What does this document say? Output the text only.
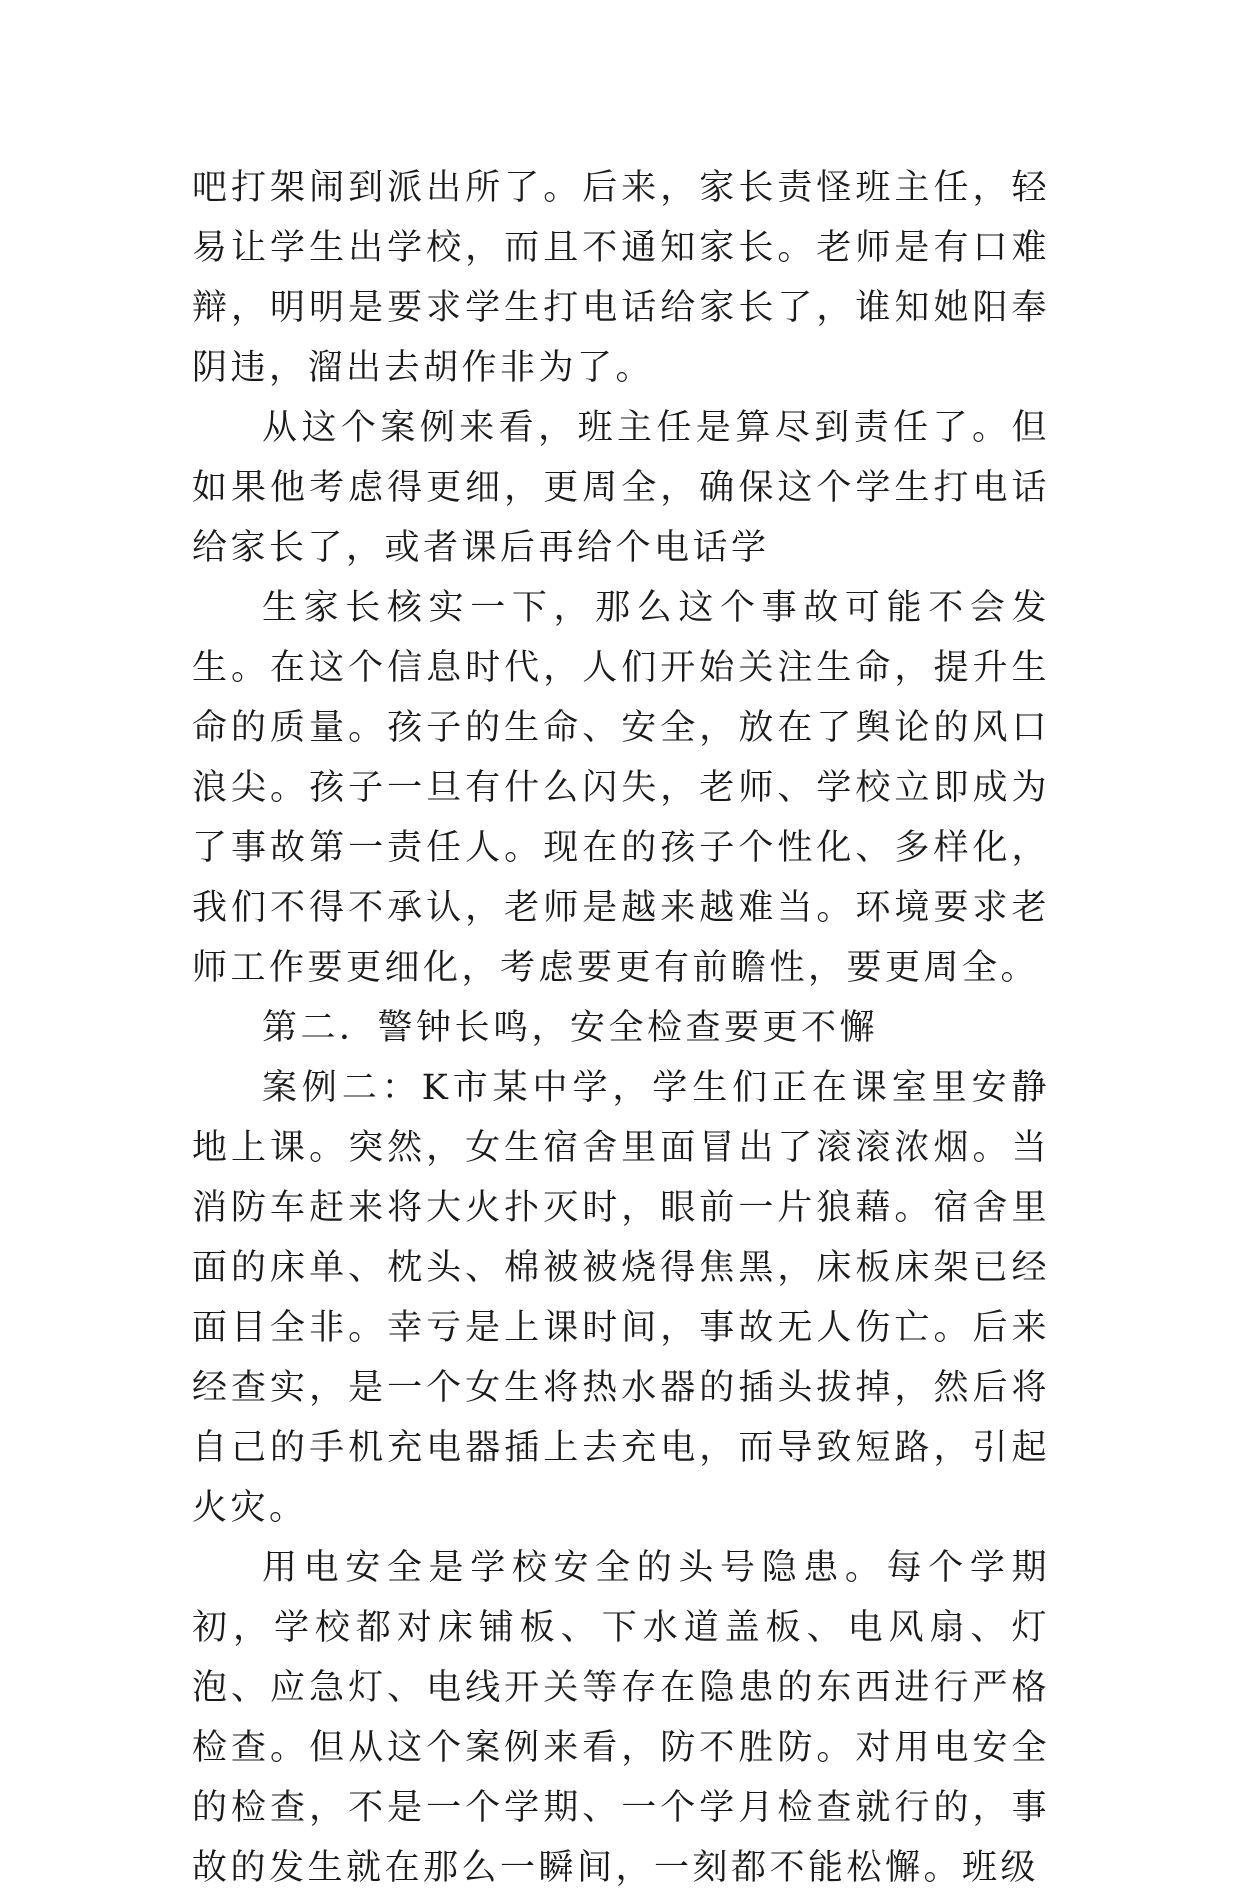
吧打架闹到派出所了。后来，家长责怪班主任，轻易让学生出学校，而且不通知家长。老师是有口难辩，明明是要求学生打电话给家长了，谁知她阳奉阴违，溜出去胡作非为了。

从这个案例来看，班主任是算尽到责任了。但如果他考虑得更细，更周全，确保这个学生打电话给家长了，或者课后再给个电话学

生家长核实一下，那么这个事故可能不会发生。在这个信息时代，人们开始关注生命，提升生命的质量。孩子的生命、安全，放在了舆论的风口浪尖。孩子一旦有什么闪失，老师、学校立即成为了事故第一责任人。现在的孩子个性化、多样化，我们不得不承认，老师是越来越难当。环境要求老师工作要更细化，考虑要更有前瞻性，要更周全。

第二．警钟长鸣，安全检查要更不懈

案例二：K市某中学，学生们正在课室里安静地上课。突然，女生宿舍里面冒出了滚滚浓烟。当消防车赶来将大火扑灭时，眼前一片狼藉。宿舍里面的床单、枕头、棉被被烧得焦黑，床板床架已经面目全非。幸亏是上课时间，事故无人伤亡。后来经查实，是一个女生将热水器的插头拔掉，然后将自己的手机充电器插上去充电，而导致短路，引起火灾。

用电安全是学校安全的头号隐患。每个学期初，学校都对床铺板、下水道盖板、电风扇、灯泡、应急灯、电线开关等存在隐患的东西进行严格检查。但从这个案例来看，防不胜防。对用电安全的检查，不是一个学期、一个学月检查就行的，事故的发生就在那么一瞬间，一刻都不能松懈。班级
